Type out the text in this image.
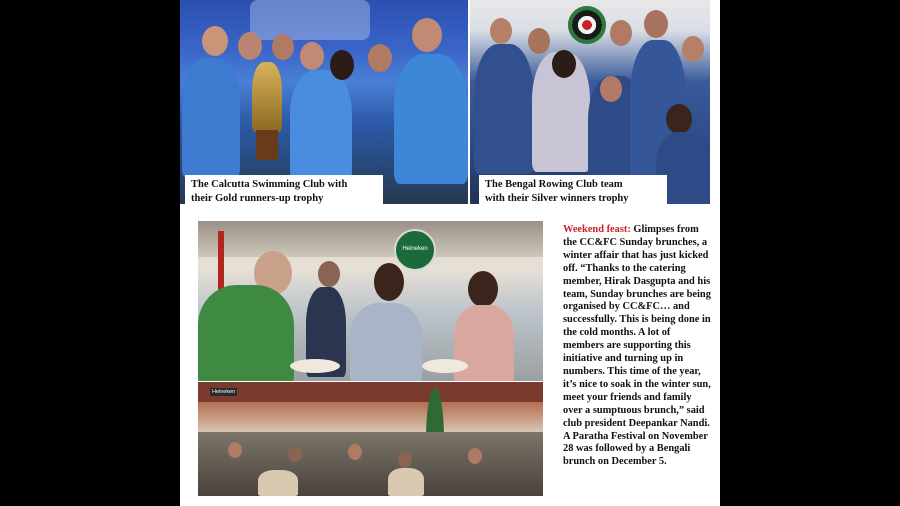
The Calcutta Swimming Club with
their Gold runners-up trophy
The Bengal Rowing Club team
with their Silver winners trophy
Heineken
Heineken
Weekend feast: Glimpses from the CC&FC Sunday brunches, a winter affair that has just kicked off. “Thanks to the catering member, Hirak Dasgupta and his team, Sunday brunches are being organised by CC&FC… and successfully. This is being done in the cold months. A lot of members are supporting this initiative and turning up in numbers. This time of the year, it’s nice to soak in the winter sun, meet your friends and family over a sumptuous brunch,” said club president Deepankar Nandi. A Paratha Festival on November 28 was followed by a Bengali brunch on December 5.
